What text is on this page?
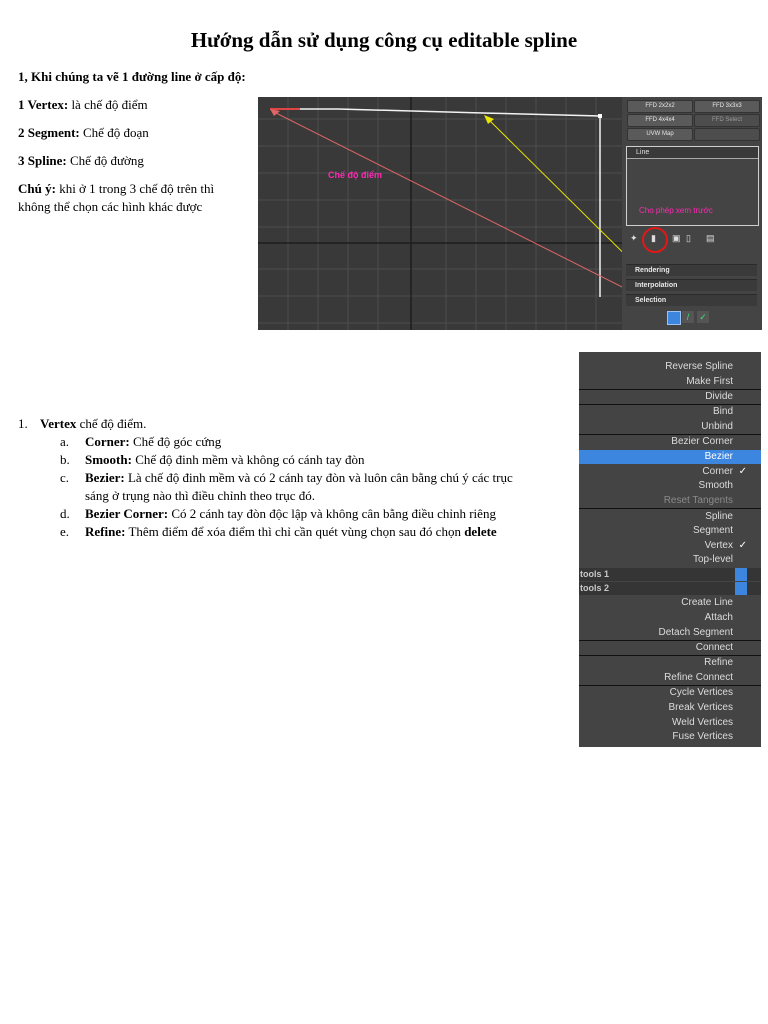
Hướng dẫn sử dụng công cụ editable spline

1, Khi chúng ta vẽ 1 đường line ở cấp độ:

1 Vertex: là chế độ điểm

2 Segment: Chế độ đoạn

3 Spline: Chế độ đường

Chú ý: khi ở 1 trong 3 chế độ trên thì không thể chọn các hình khác được

Chế độ điểm
FFD 2x2x2	FFD 3x3x3
FFD 4x4x4	FFD Select
UVW Map
Line
Cho phép xem trước
✦ ▮ ▣ ▯ ▤
Rendering
Interpolation
Selection
/	✓
1. Vertex chế độ điểm.
a. Corner: Chế độ góc cứng
b. Smooth: Chế độ đinh mềm và không có cánh tay đòn
c. Bezier: Là chế độ đinh mềm và có 2 cánh tay đòn và luôn cân bằng chú ý các trục sáng ở trụng nào thì điều chỉnh theo trục đó.
d. Bezier Corner: Có 2 cánh tay đòn độc lập và không cân bằng điều chỉnh riêng
e. Refine: Thêm điểm để xóa điểm thì chỉ cần quét vùng chọn sau đó chọn delete
Reverse Spline
Make First
Divide
Bind
Unbind
Bezier Corner
Bezier
Corner ✓
Smooth
Reset Tangents
Spline
Segment
Vertex ✓
Top-level
tools 1
tools 2
Create Line
Attach
Detach Segment
Connect
Refine
Refine Connect
Cycle Vertices
Break Vertices
Weld Vertices
Fuse Vertices
